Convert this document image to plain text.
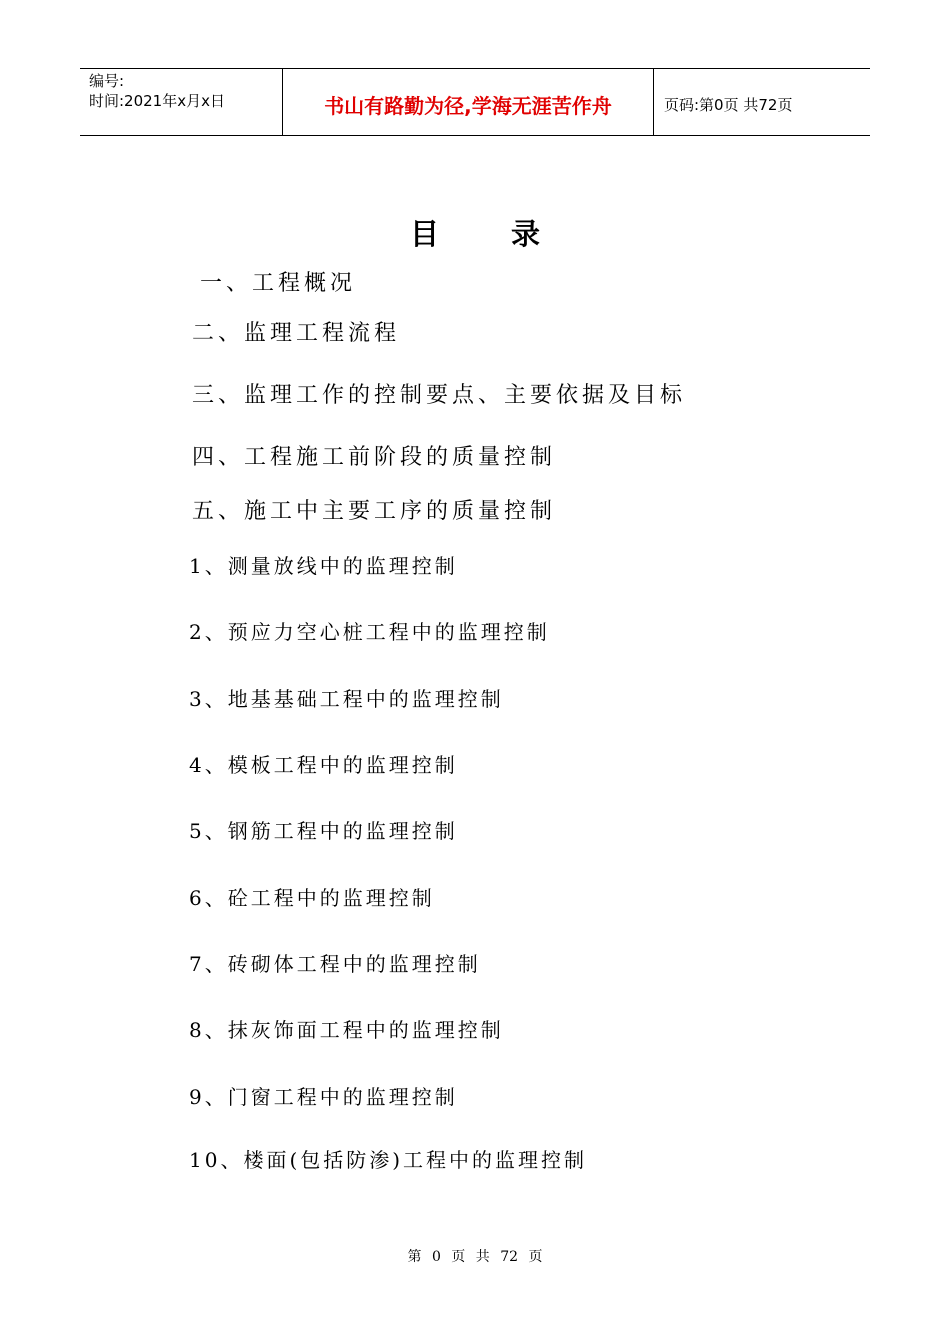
编号:
时间:2021年x月x日	书山有路勤为径,学海无涯苦作舟	页码:第0页 共72页
目录
一、工程概况
二、监理工程流程
三、监理工作的控制要点、主要依据及目标
四、工程施工前阶段的质量控制
五、施工中主要工序的质量控制
1、测量放线中的监理控制
2、预应力空心桩工程中的监理控制
3、地基基础工程中的监理控制
4、模板工程中的监理控制
5、钢筋工程中的监理控制
6、砼工程中的监理控制
7、砖砌体工程中的监理控制
8、抹灰饰面工程中的监理控制
9、门窗工程中的监理控制
10、楼面(包括防渗)工程中的监理控制
第 0 页 共 72 页
